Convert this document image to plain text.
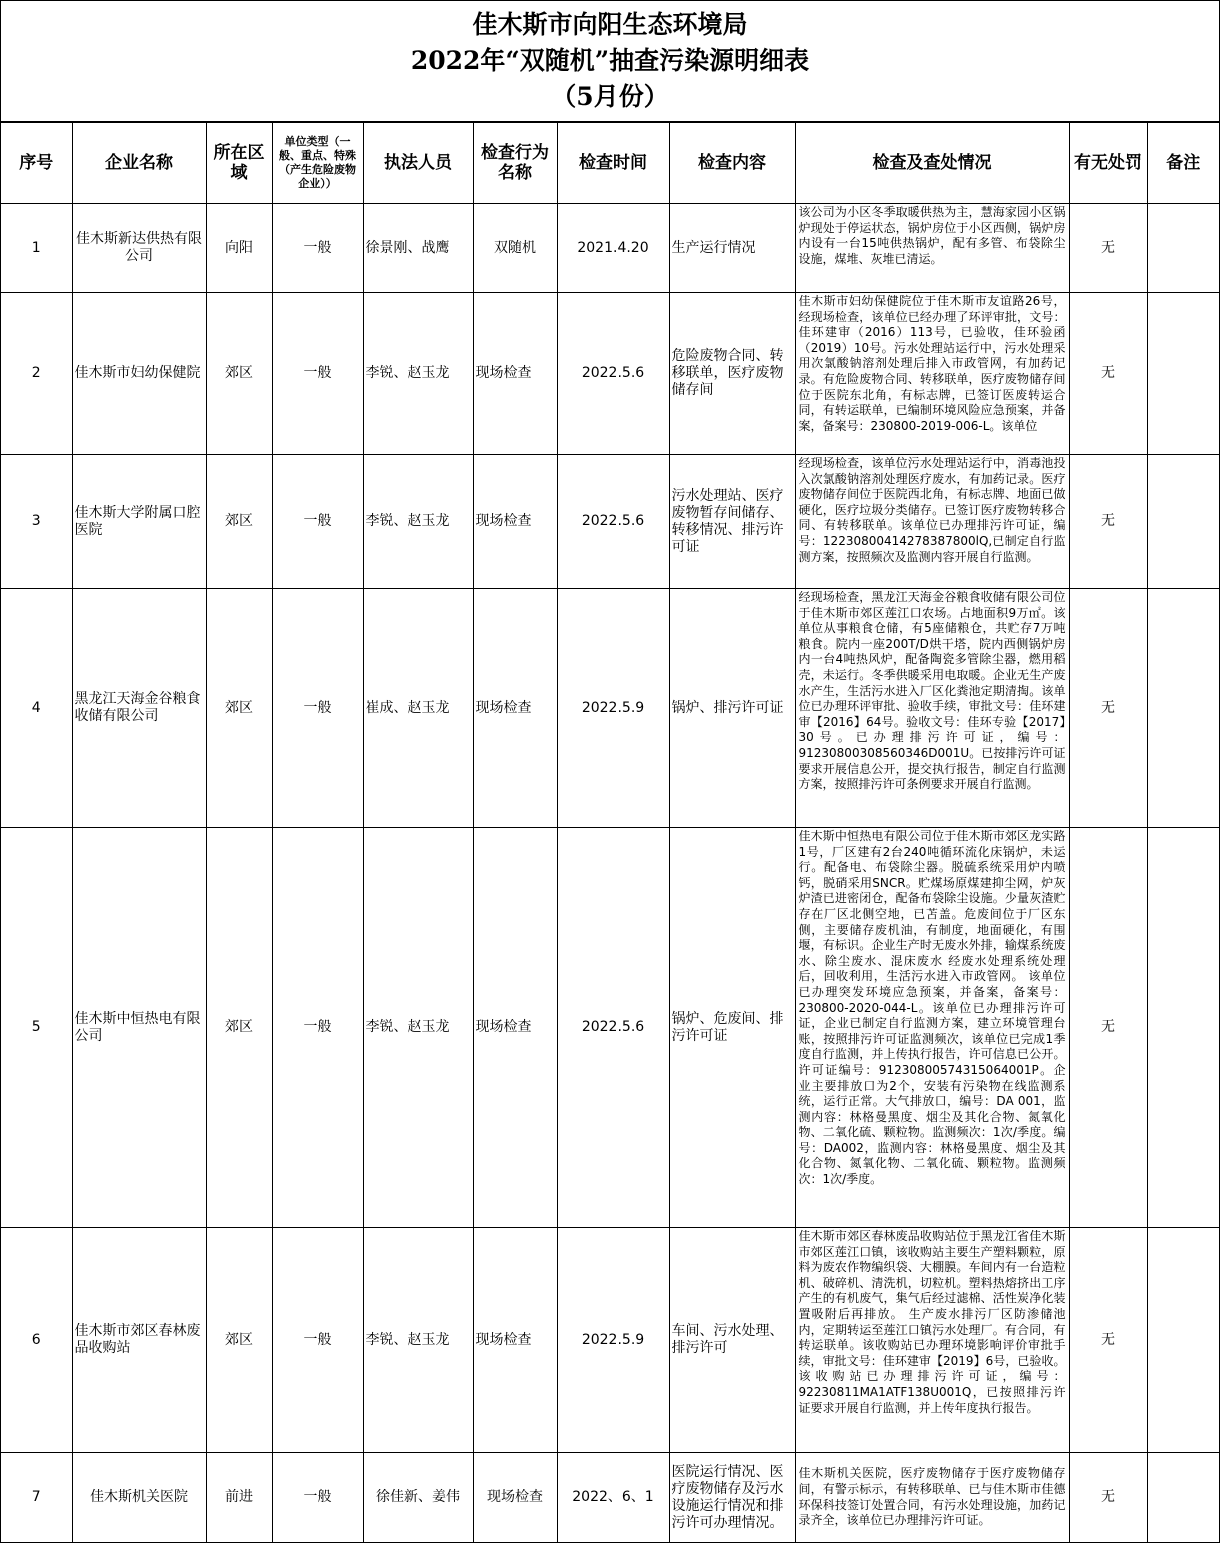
佳木斯市向阳生态环境局
2022年“双随机”抽查污染源明细表
（5月份）
序号	企业名称	所在区域	单位类型（一般、重点、特殊（产生危险废物企业））	执法人员	检查行为名称	检查时间	检查内容	检查及查处情况	有无处罚	备注
1	佳木斯新达供热有限公司	向阳	一般	徐景刚、战鹰	双随机	2021.4.20	生产运行情况	该公司为小区冬季取暖供热为主，慧海家园小区锅炉现处于停运状态，锅炉房位于小区西侧，锅炉房内设有一台15吨供热锅炉，配有多管、布袋除尘设施，煤堆、灰堆已清运。	无	
2	佳木斯市妇幼保健院	郊区	一般	李锐、赵玉龙	现场检查	2022.5.6	危险废物合同、转移联单，医疗废物储存间	佳木斯市妇幼保健院位于佳木斯市友谊路26号，经现场检查，该单位已经办理了环评审批，文号：佳环建审（2016）113号，已验收，佳环验函（2019）10号。污水处理站运行中，污水处理采用次氯酸钠溶剂处理后排入市政管网，有加药记录。有危险废物合同、转移联单，医疗废物储存间位于医院东北角，有标志牌，已签订医废转运合同，有转运联单，已编制环境风险应急预案，并备案，备案号：230800-2019-006-L。该单位	无	
3	佳木斯大学附属口腔医院	郊区	一般	李锐、赵玉龙	现场检查	2022.5.6	污水处理站、医疗废物暂存间储存、转移情况、排污许可证	经现场检查，该单位污水处理站运行中，消毒池投入次氯酸钠溶剂处理医疗废水，有加药记录。医疗废物储存间位于医院西北角，有标志牌、地面已做硬化，医疗垃圾分类储存。已签订医疗废物转移合同、有转移联单。该单位已办理排污许可证，编号：12230800414278387800lQ,已制定自行监测方案，按照频次及监测内容开展自行监测。	无	
4	黑龙江天海金谷粮食收储有限公司	郊区	一般	崔成、赵玉龙	现场检查	2022.5.9	锅炉、排污许可证	经现场检查，黑龙江天海金谷粮食收储有限公司位于佳木斯市郊区莲江口农场。占地面积9万㎡。该单位从事粮食仓储，有5座储粮仓，共贮存7万吨粮食。院内一座200T/D烘干塔，院内西侧锅炉房内一台4吨热风炉，配备陶瓷多管除尘器，燃用稻壳，未运行。冬季供暖采用电取暖。企业无生产废水产生，生活污水进入厂区化粪池定期清掏。该单位已办理环评审批、验收手续，审批文号：佳环建审【2016】64号。验收文号：佳环专验【2017】30号。已办理排污许可证，编号：91230800308560346D001U。已按排污许可证要求开展信息公开，提交执行报告，制定自行监测方案，按照排污许可条例要求开展自行监测。	无	
5	佳木斯中恒热电有限公司	郊区	一般	李锐、赵玉龙	现场检查	2022.5.6	锅炉、危废间、排污许可证	佳木斯中恒热电有限公司位于佳木斯市郊区龙实路1号，厂区建有2台240吨循环流化床锅炉，未运行。配备电、布袋除尘器。脱硫系统采用炉内喷钙，脱硝采用SNCR。贮煤场原煤建抑尘网，炉灰炉渣已进密闭仓，配备布袋除尘设施。少量灰渣贮存在厂区北侧空地，已苫盖。危废间位于厂区东侧，主要储存废机油，有制度，地面硬化，有围堰，有标识。企业生产时无废水外排，输煤系统废水、除尘废水、混床废水 经废水处理系统处理后，回收利用，生活污水进入市政管网。 该单位已办理突发环境应急预案，并备案，备案号：230800-2020-044-L。该单位已办理排污许可证，企业已制定自行监测方案，建立环境管理台账，按照排污许可证监测频次，该单位已完成1季度自行监测，并上传执行报告，许可信息已公开。许可证编号：91230800574315064001P。企业主要排放口为2个，安装有污染物在线监测系统，运行正常。大气排放口，编号：DA 001，监测内容：林格曼黑度、烟尘及其化合物、氮氧化物、二氧化硫、颗粒物。监测频次：1次/季度。编号：DA002，监测内容：林格曼黑度、烟尘及其化合物、氮氧化物、二氧化硫、颗粒物。监测频次：1次/季度。	无	
6	佳木斯市郊区春林废品收购站	郊区	一般	李锐、赵玉龙	现场检查	2022.5.9	车间、污水处理、排污许可	佳木斯市郊区春林废品收购站位于黑龙江省佳木斯市郊区莲江口镇，该收购站主要生产塑料颗粒，原料为废农作物编织袋、大棚膜。车间内有一台造粒机、破碎机、清洗机，切粒机。塑料热熔挤出工序产生的有机废气，集气后经过滤棉、活性炭净化装置吸附后再排放。 生产废水排污厂区防渗储池内，定期转运至莲江口镇污水处理厂。有合同，有转运联单。该收购站已办理环境影响评价审批手续，审批文号：佳环建审【2019】6号，已验收。该收购站已办理排污许可证，编号：92230811MA1ATF138U001Q，已按照排污许证要求开展自行监测，并上传年度执行报告。	无	
7	佳木斯机关医院	前进	一般	徐佳新、姜伟	现场检查	2022、6、1	医院运行情况、医疗废物储存及污水设施运行情况和排污许可办理情况。	佳木斯机关医院，医疗废物储存于医疗废物储存间，有警示标示，有转移联单、已与佳木斯市佳德环保科技签订处置合同，有污水处理设施，加药记录齐全，该单位已办理排污许可证。	无	
